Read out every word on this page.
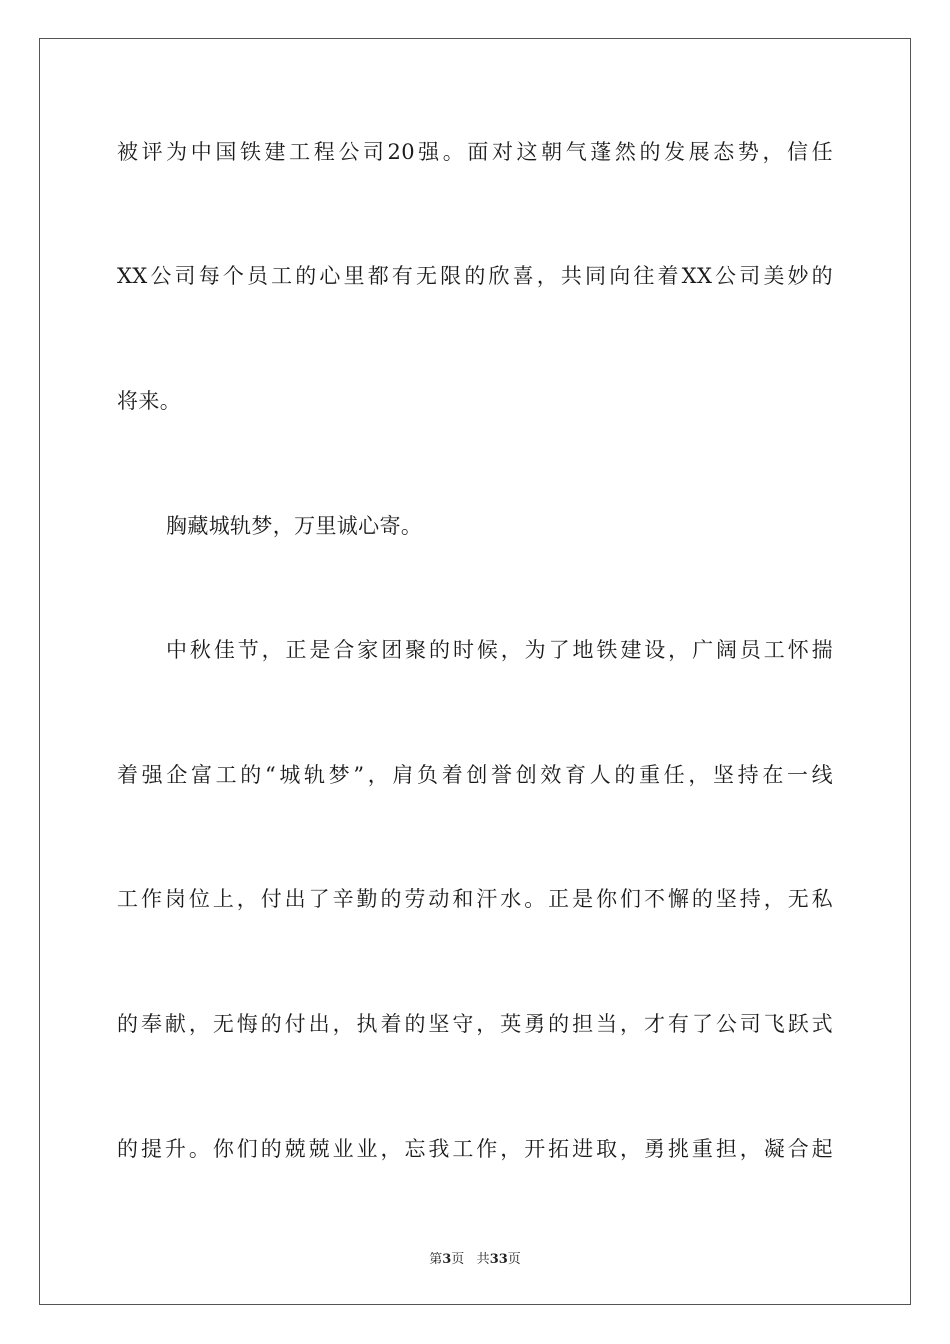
被评为中国铁建工程公司20强。面对这朝气蓬然的发展态势，信任
XX公司每个员工的心里都有无限的欣喜，共同向往着XX公司美妙的
将来。
胸藏城轨梦，万里诚心寄。
中秋佳节，正是合家团聚的时候，为了地铁建设，广阔员工怀揣
着强企富工的“城轨梦”，肩负着创誉创效育人的重任，坚持在一线
工作岗位上，付出了辛勤的劳动和汗水。正是你们不懈的坚持，无私
的奉献，无悔的付出，执着的坚守，英勇的担当，才有了公司飞跃式
的提升。你们的兢兢业业，忘我工作，开拓进取，勇挑重担，凝合起
第3页 共33页
